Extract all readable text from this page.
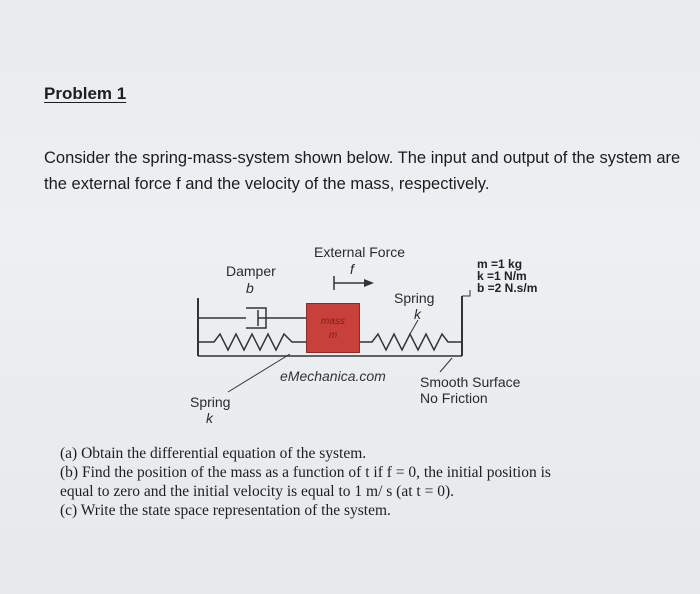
Problem 1
Consider the spring-mass-system shown below. The input and output of the system are the external force f and the velocity of the mass, respectively.
mass
m
External Force
f
Damper
b
Spring
k
m =1 kg
k =1 N/m
b =2 N.s/m
eMechanica.com Smooth Surface
No Friction
Spring
k
(a) Obtain the differential equation of the system.
(b) Find the position of the mass as a function of t if f = 0, the initial position is
equal to zero and the initial velocity is equal to 1 m/ s (at t = 0).
(c) Write the state space representation of the system.
